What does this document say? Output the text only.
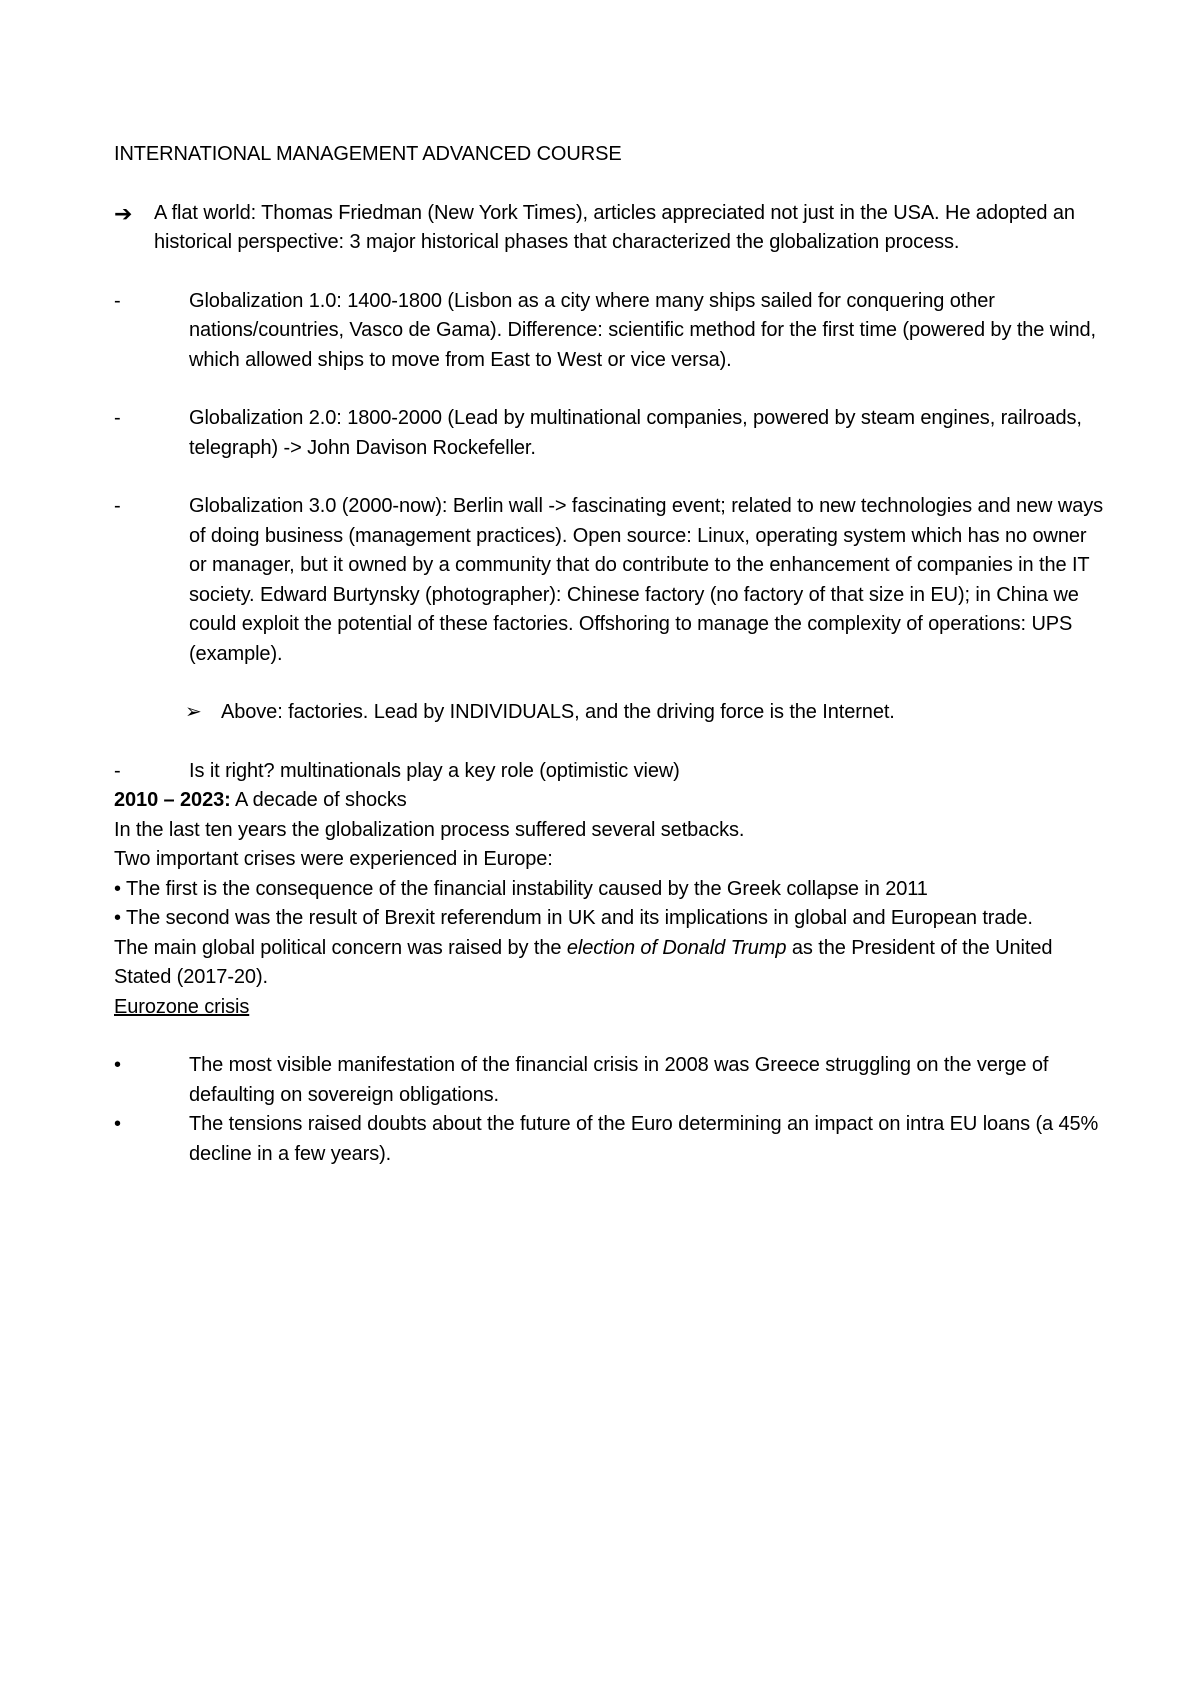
INTERNATIONAL MANAGEMENT ADVANCED COURSE

➔	A flat world: Thomas Friedman (New York Times), articles appreciated not just in the USA. He adopted an historical perspective: 3 major historical phases that characterized the globalization process.
-	Globalization 1.0: 1400-1800 (Lisbon as a city where many ships sailed for conquering other nations/countries, Vasco de Gama). Difference: scientific method for the first time (powered by the wind, which allowed ships to move from East to West or vice versa).
-	Globalization 2.0: 1800-2000 (Lead by multinational companies, powered by steam engines, railroads, telegraph) -> John Davison Rockefeller.
-	Globalization 3.0 (2000-now): Berlin wall -> fascinating event; related to new technologies and new ways of doing business (management practices). Open source: Linux, operating system which has no owner or manager, but it owned by a community that do contribute to the enhancement of companies in the IT society. Edward Burtynsky (photographer): Chinese factory (no factory of that size in EU); in China we could exploit the potential of these factories. Offshoring to manage the complexity of operations: UPS (example).
➢ Above: factories. Lead by INDIVIDUALS, and the driving force is the Internet.
-	Is it right? multinationals play a key role (optimistic view)

2010 – 2023: A decade of shocks

In the last ten years the globalization process suffered several setbacks.

Two important crises were experienced in Europe:

• The first is the consequence of the financial instability caused by the Greek collapse in 2011

• The second was the result of Brexit referendum in UK and its implications in global and European trade.

The main global political concern was raised by the election of Donald Trump as the President of the United Stated (2017-20).

Eurozone crisis

•	The most visible manifestation of the financial crisis in 2008 was Greece struggling on the verge of defaulting on sovereign obligations.
•	The tensions raised doubts about the future of the Euro determining an impact on intra EU loans (a 45% decline in a few years).
